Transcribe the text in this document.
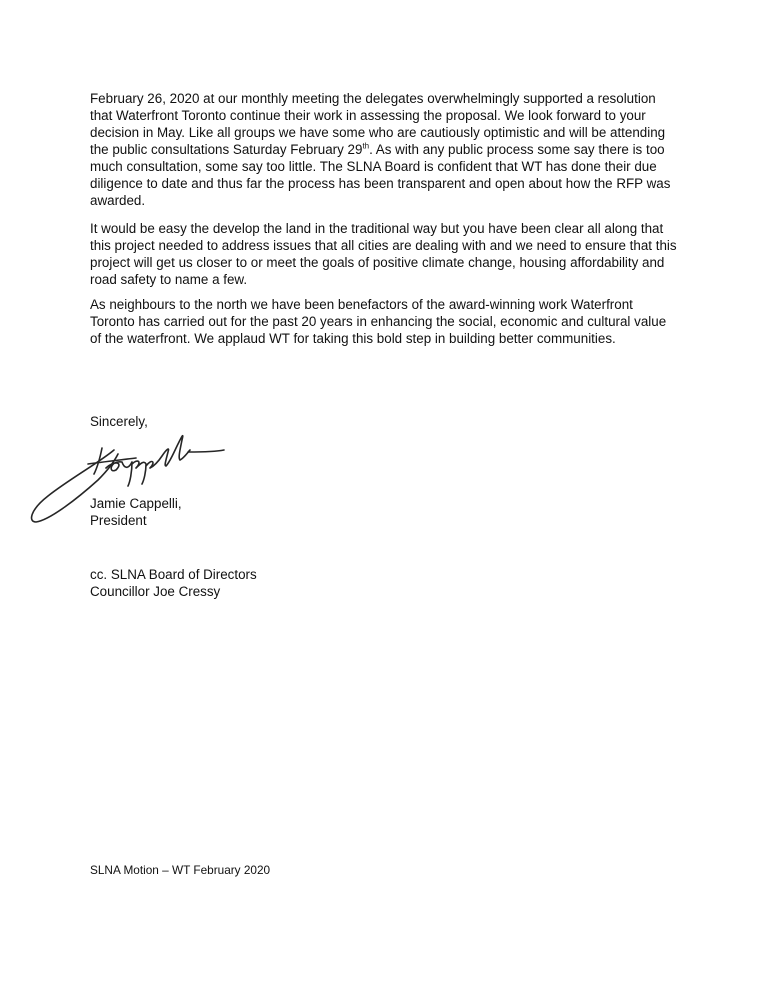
February 26, 2020 at our monthly meeting the delegates overwhelmingly supported a resolution that Waterfront Toronto continue their work in assessing the proposal. We look forward to your decision in May. Like all groups we have some who are cautiously optimistic and will be attending the public consultations Saturday February 29th. As with any public process some say there is too much consultation, some say too little. The SLNA Board is confident that WT has done their due diligence to date and thus far the process has been transparent and open about how the RFP was awarded.

It would be easy the develop the land in the traditional way but you have been clear all along that this project needed to address issues that all cities are dealing with and we need to ensure that this project will get us closer to or meet the goals of positive climate change, housing affordability and road safety to name a few.

As neighbours to the north we have been benefactors of the award-winning work Waterfront Toronto has carried out for the past 20 years in enhancing the social, economic and cultural value of the waterfront. We applaud WT for taking this bold step in building better communities.

Sincerely,

Jamie Cappelli,

President

cc. SLNA Board of Directors

Councillor Joe Cressy

SLNA Motion – WT February 2020
